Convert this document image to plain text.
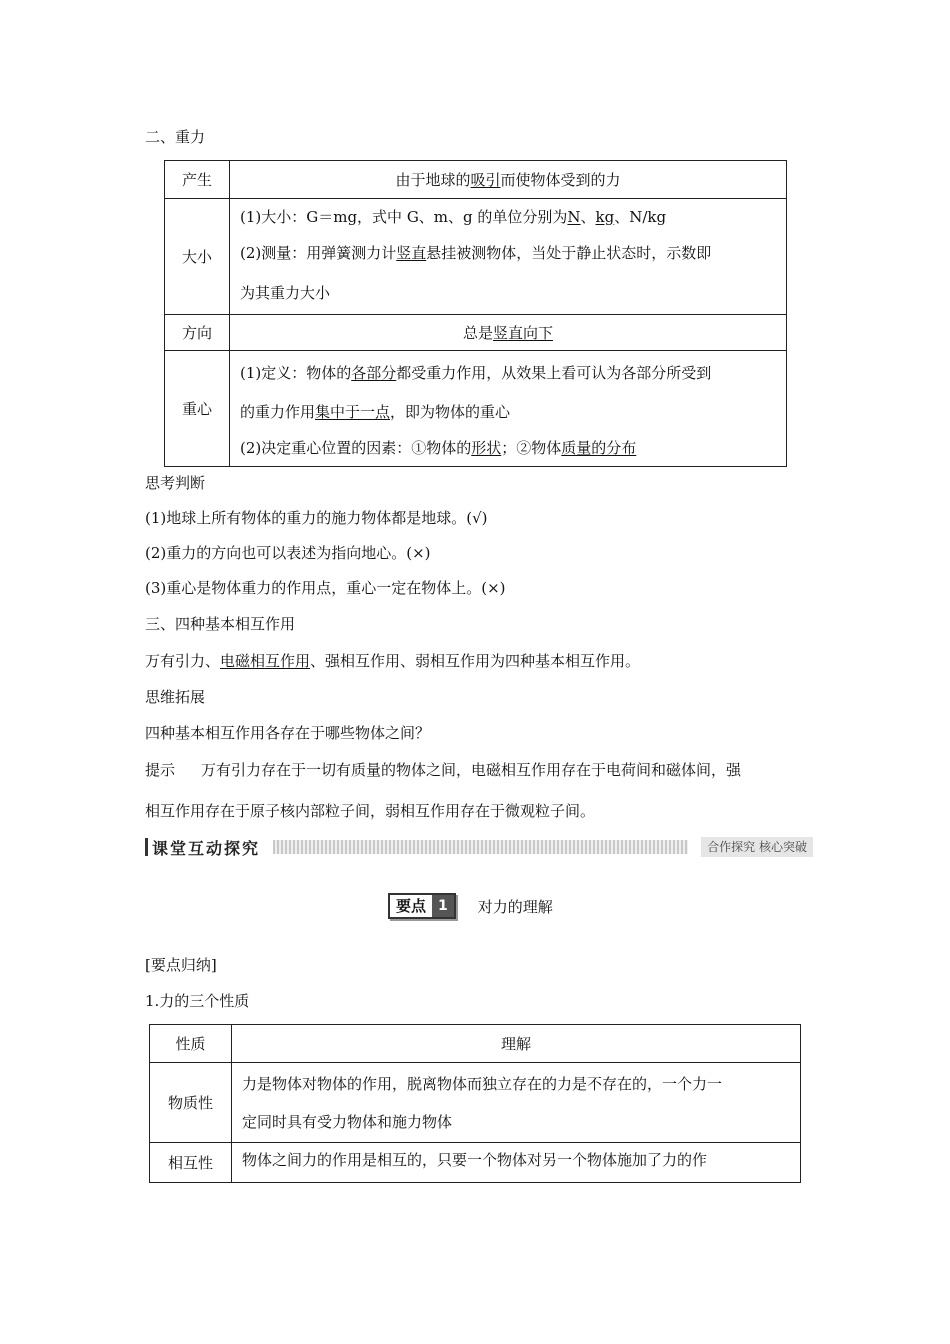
二、重力
产生	由于地球的吸引而使物体受到的力
大小	(1)大小：G＝mg，式中 G、m、g 的单位分别为N、kg、N/kg
(2)测量：用弹簧测力计竖直悬挂被测物体，当处于静止状态时，示数即
为其重力大小

方向	总是竖直向下
重心	(1)定义：物体的各部分都受重力作用，从效果上看可认为各部分所受到
的重力作用集中于一点，即为物体的重心
(2)决定重心位置的因素：①物体的形状；②物体质量的分布
思考判断
(1)地球上所有物体的重力的施力物体都是地球。(√)
(2)重力的方向也可以表述为指向地心。(×)
(3)重心是物体重力的作用点，重心一定在物体上。(×)
三、四种基本相互作用
万有引力、电磁相互作用、强相互作用、弱相互作用为四种基本相互作用。
思维拓展
四种基本相互作用各存在于哪些物体之间？
提示 万有引力存在于一切有质量的物体之间，电磁相互作用存在于电荷间和磁体间，强
相互作用存在于原子核内部粒子间，弱相互作用存在于微观粒子间。
课堂互动探究	合作探究 核心突破
要点 1	对力的理解
[要点归纳]
1.力的三个性质
性质	理解
物质性	力是物体对物体的作用，脱离物体而独立存在的力是不存在的，一个力一
定同时具有受力物体和施力物体

相互性	物体之间力的作用是相互的，只要一个物体对另一个物体施加了力的作
